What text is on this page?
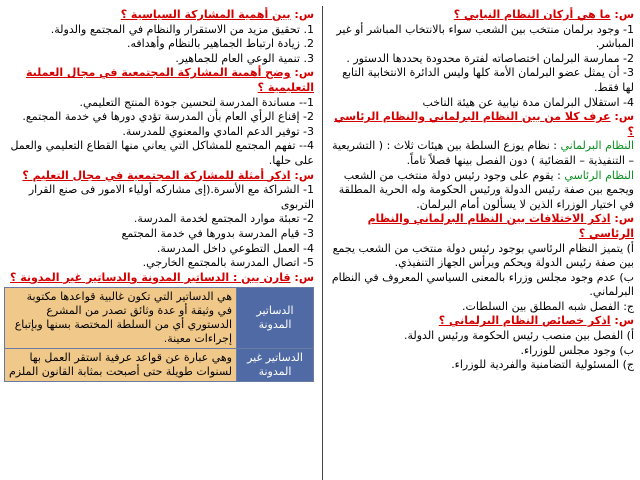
س: ما هي أركان النظام النيابي ؟

1- وجود برلمان منتخب بين الشعب سواء بالانتخاب المباشر أو غير

المباشر.

2- ممارسة البرلمان اختصاصاته لفترة محدودة يحددها الدستور .

3- أن يمثل عضو البرلمان الأمة كلها وليس الدائرة الانتخابية التابع

لها فقط.

4- استقلال البرلمان مدة نيابية عن هيئة الناخب

س: عرف كلا من بين النظام البرلماني والنظام الرئاسي ؟

النظام البرلماني : نظام يوزع السلطة بين هيئات ثلاث : ( التشريعية

– التنفيذية – القضائية ) دون الفصل بينها فصلاً تاماً.

النظام الرئاسي : يقوم على وجود رئيس دولة منتخب من الشعب

ويجمع بين صفة رئيس الدولة ورئيس الحكومة وله الحرية المطلقة

في اختيار الوزراء الذين لا يسألون أمام البرلمان.

س: اذكر الاختلافات بين النظام البرلماني والنظام الرئاسي ؟

أ) يتميز النظام الرئاسي بوجود رئيس دولة منتخب من الشعب يجمع

بين صفة رئيس الدولة ويحكم ويرأس الجهاز التنفيذي.

ب) عدم وجود مجلس وزراء بالمعنى السياسي المعروف في النظام

البرلماني.

ج: الفصل شبه المطلق بين السلطات.

س: اذكر خصائص النظام البرلماني ؟

أ) الفصل بين منصب رئيس الحكومة ورئيس الدولة.

ب) وجود مجلس للوزراء.

ج) المسئولية التضامنية والفردية للوزراء.

س: بين أهمية المشاركة السياسية ؟

1. تحقيق مزيد من الاستقرار والنظام في المجتمع والدولة.

2. زيادة ارتباط الجماهير بالنظام وأهدافه.

3. تنمية الوعي العام للجماهير.

س: وضح أهمية المشاركة المجتمعية في مجال العملية التعليمية ؟

1-- مساندة المدرسة لتحسين جودة المنتج التعليمي.

2- إقناع الرأي العام بأن المدرسة تؤدي دورها في خدمة المجتمع.

3- توفير الدعم المادي والمعنوي للمدرسة.

4-- تفهم المجتمع للمشاكل التي يعاني منها القطاع التعليمي والعمل

على حلها.

س: اذكر أمثلة للمشاركة المجتمعية في مجال التعليم ؟

1- الشراكة مع الأسرة.(إى مشاركه أولياء الامور فى صنع القرار

التربوى

2- تعبئة موارد المجتمع لخدمة المدرسة.

3- قيام المدرسة بدورها في خدمة المجتمع

4- العمل التطوعي داخل المدرسة.

5- اتصال المدرسة بالمجتمع الخارجي.

س: قارن بين : الدساتير المدونة والدساتير غير المدونة ؟

الدساتير المدونة	هي الدساتير التي تكون غالبية قواعدها مكتوبة في وثيقة أو عدة وثائق تصدر من المشرع الدستوري أي من السلطة المختصة بسنها وبإتباع إجراءات معينة.
الدساتير غير المدونة	وهي عبارة عن قواعد عرفية استقر العمل بها لسنوات طويلة حتى أصبحت بمثابة القانون الملزم
